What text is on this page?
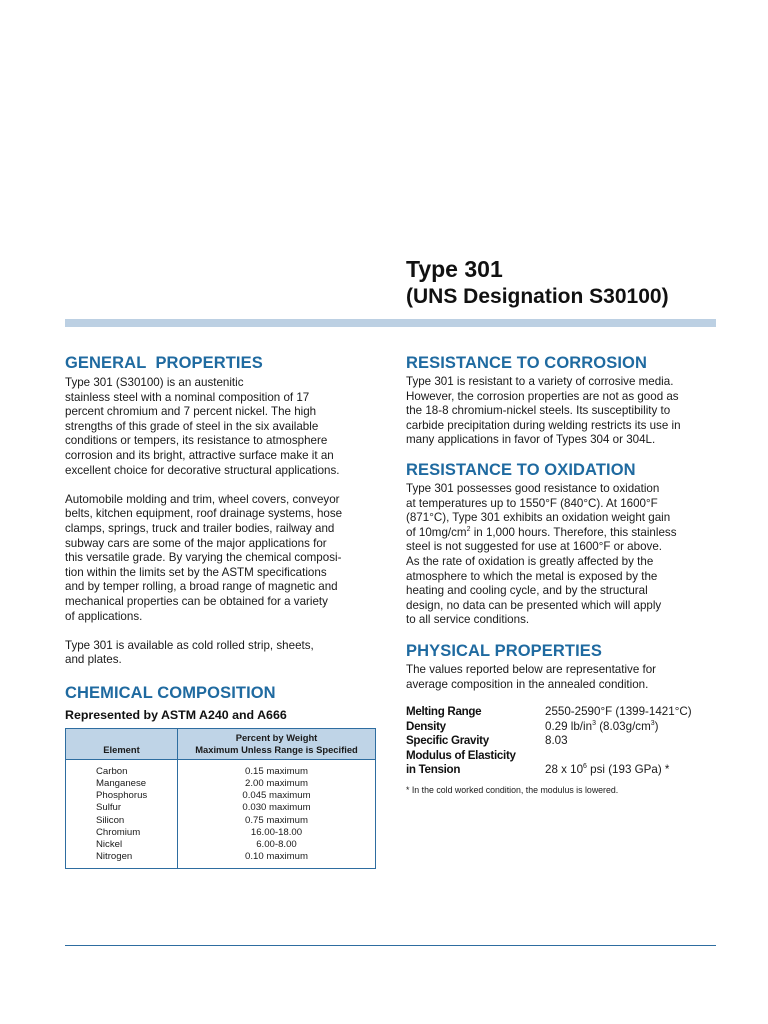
Type 301
(UNS Designation S30100)
GENERAL  PROPERTIES

Type 301 (S30100) is an austenitic
stainless steel with a nominal composition of 17
percent chromium and 7 percent nickel. The high
strengths of this grade of steel in the six available
conditions or tempers, its resistance to atmosphere
corrosion and its bright, attractive surface make it an
excellent choice for decorative structural applications.

Automobile molding and trim, wheel covers, conveyor
belts, kitchen equipment, roof drainage systems, hose
clamps, springs, truck and trailer bodies, railway and
subway cars are some of the major applications for
this versatile grade. By varying the chemical composi-
tion within the limits set by the ASTM specifications
and by temper rolling, a broad range of magnetic and
mechanical properties can be obtained for a variety
of applications.

Type 301 is available as cold rolled strip, sheets,
and plates.

CHEMICAL COMPOSITION
Represented by ASTM A240 and A666
Element	Percent by Weight
Maximum Unless Range is Specified
Carbon	0.15 maximum
Manganese	2.00 maximum
Phosphorus	0.045 maximum
Sulfur	0.030 maximum
Silicon	0.75 maximum
Chromium	16.00-18.00
Nickel	6.00-8.00
Nitrogen	0.10 maximum
RESISTANCE TO CORROSION

Type 301 is resistant to a variety of corrosive media.
However, the corrosion properties are not as good as
the 18-8 chromium-nickel steels. Its susceptibility to
carbide precipitation during welding restricts its use in
many applications in favor of Types 304 or 304L.

RESISTANCE TO OXIDATION

Type 301 possesses good resistance to oxidation
at temperatures up to 1550°F (840°C). At 1600°F
(871°C), Type 301 exhibits an oxidation weight gain
of $10mg/cm^2$ in 1,000 hours. Therefore, this stainless
steel is not suggested for use at 1600°F or above.

As the rate of oxidation is greatly affected by the
atmosphere to which the metal is exposed by the
heating and cooling cycle, and by the structural
design, no data can be presented which will apply
to all service conditions.

PHYSICAL PROPERTIES

The values reported below are representative for
average composition in the annealed condition.

Melting Range	2550-2590°F (1399-1421°C)
Density	0.29 $lb/in^3$ $(8.03g/cm^3)$
Specific Gravity	8.03
Modulus of Elasticity
in Tension	28 x $10^6$ psi (193 GPa) *
* In the cold worked condition, the modulus is lowered.
